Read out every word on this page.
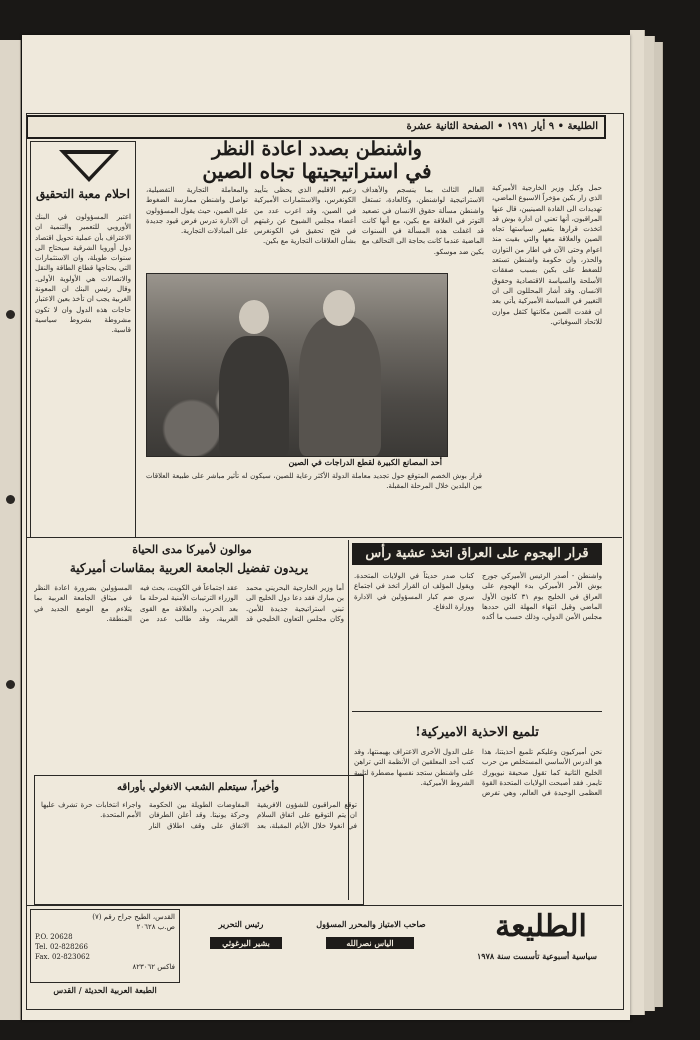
الطليعة • ٩ أيار ١٩٩١ • الصفحة الثانية عشرة
احلام معبة التحقيق

اعتبر المسؤولون في البنك الأوروبي للتعمير والتنمية ان الاعتراف بأن عملية تحويل اقتصاد دول أوروبا الشرقية سيحتاج الى سنوات طويلة، وان الاستثمارات التي يحتاجها قطاع الطاقة والنقل والاتصالات هي الأولوية الأولى. وقال رئيس البنك ان المعونة الغربية يجب ان تأخذ بعين الاعتبار حاجات هذه الدول وان لا تكون مشروطة بشروط سياسية قاسية.

واشنطن بصدد اعادة النظر
في استراتيجيتها تجاه الصين

حمل وكيل وزير الخارجية الأميركية الذي زار بكين مؤخراً الاسبوع الماضي، تهديدات الى القادة الصينيين، قال عنها المراقبون، أنها تعني ان ادارة بوش قد اتخذت قرارها بتغيير سياستها تجاه الصين والعلاقة معها والتي بقيت منذ اعوام وحتى الآن في اطار من التوازن والحذر، وان حكومة واشنطن تستعد للضغط على بكين بسبب صفقات الأسلحة والسياسة الاقتصادية وحقوق الانسان. وقد أشار المحللون الى ان التغيير في السياسة الأميركية يأتي بعد ان فقدت الصين مكانتها كثقل موازن للاتحاد السوفياتي.

العالم الثالث بما ينسجم والأهداف الاستراتيجية لواشنطن، وكالعادة، تستغل واشنطن مسألة حقوق الانسان في تصعيد التوتر في العلاقة مع بكين، مع أنها كانت قد اغفلت هذه المسألة في السنوات الماضية عندما كانت بحاجة الى التحالف مع بكين ضد موسكو.

زعيم الاقليم الذي يحظى بتأييد الكونغرس، والاستثمارات الأميركية في الصين، وقد اعرب عدد من أعضاء مجلس الشيوخ عن رغبتهم في فتح تحقيق في الكونغرس بشأن العلاقات التجارية مع بكين.

والمعاملة التجارية التفضيلية، تواصل واشنطن ممارسة الضغوط على الصين، حيث يقول المسؤولون ان الادارة تدرس فرض قيود جديدة على المبادلات التجارية.

أحد المصانع الكبيرة لقطع الدراجات في الصين

قرار بوش الخصم المتوقع حول تجديد معاملة الدولة الأكثر رعاية للصين، سيكون له تأثير مباشر على طبيعة العلاقات بين البلدين خلال المرحلة المقبلة.

موالون لأميركا مدى الحياة
يريدون تفضيل الجامعة العربية بمقاسات أميركية

أما وزير الخارجية البحريني محمد بن مبارك فقد دعا دول الخليج الى تبني استراتيجية جديدة للأمن. وكان مجلس التعاون الخليجي قد عقد اجتماعاً في الكويت، بحث فيه الوزراء الترتيبات الأمنية لمرحلة ما بعد الحرب، والعلاقة مع القوى الغربية، وقد طالب عدد من المسؤولين بضرورة اعادة النظر في ميثاق الجامعة العربية بما يتلاءم مع الوضع الجديد في المنطقة.

قرار الهجوم على العراق اتخذ عشية رأس السنة

واشنطن - أصدر الرئيس الأميركي جورج بوش الأمر الأميركي بدء الهجوم على العراق في الخليج يوم ٣١ كانون الأول الماضي وقبل انتهاء المهلة التي حددها مجلس الأمن الدولي، وذلك حسب ما أكده كتاب صدر حديثاً في الولايات المتحدة. ويقول المؤلف ان القرار اتخذ في اجتماع سري ضم كبار المسؤولين في الادارة ووزارة الدفاع.

تلميع الاحذية الاميركية!

نحن أميركيون وعليكم تلميع أحذيتنا، هذا هو الدرس الأساسي المستخلص من حرب الخليج الثانية كما تقول صحيفة نيويورك تايمز. فقد أصبحت الولايات المتحدة القوة العظمى الوحيدة في العالم، وهي تفرض على الدول الأخرى الاعتراف بهيمنتها، وقد كتب أحد المعلقين ان الأنظمة التي تراهن على واشنطن ستجد نفسها مضطرة لتلبية الشروط الأميركية.

وأخيراً، سيتعلم الشعب الانغولي بأوراقه

توقع المراقبون للشؤون الافريقية ان يتم التوقيع على اتفاق السلام في انغولا خلال الأيام المقبلة، بعد المفاوضات الطويلة بين الحكومة وحركة يونيتا. وقد أعلن الطرفان الاتفاق على وقف اطلاق النار واجراء انتخابات حرة تشرف عليها الأمم المتحدة.

الطليعة
سياسية أسبوعية تأسست سنة ١٩٧٨
صاحب الامتياز والمحرر المسؤول
الياس نصرالله
رئيس التحرير
بشير البرغوثي
القدس، الطيح جراح رقم (٧)
ص.ب ٢٠٦٢٨
P.O. 20628
Tel. 02-828266
Fax. 02-823062
فاكس ٨٢٣٠٦٢
الطبعة العربية الحديثة / القدس
